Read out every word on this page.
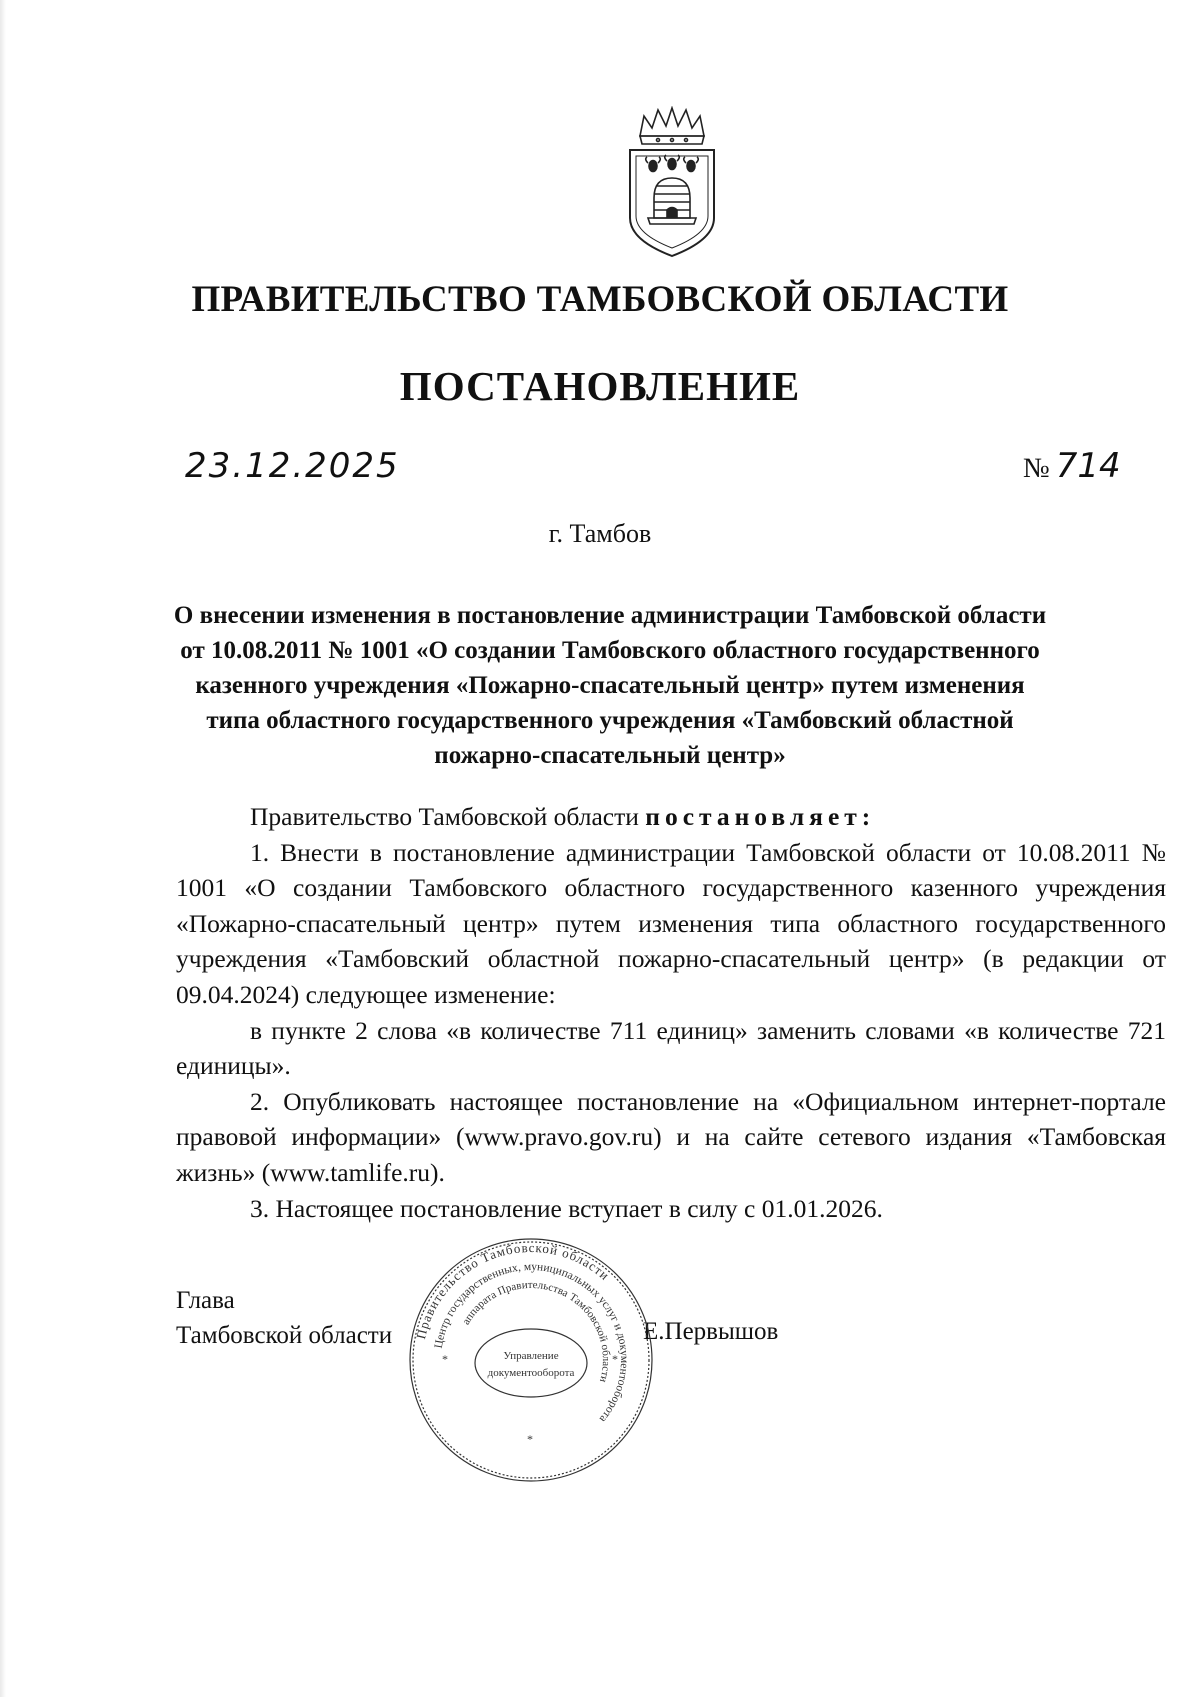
ПРАВИТЕЛЬСТВО ТАМБОВСКОЙ ОБЛАСТИ
ПОСТАНОВЛЕНИЕ
23.12.2025	№ 714
г. Тамбов
О внесении изменения в постановление администрации Тамбовской области от 10.08.2011 № 1001 «О создании Тамбовского областного государственного казенного учреждения «Пожарно-спасательный центр» путем изменения типа областного государственного учреждения «Тамбовский областной пожарно-спасательный центр»

Правительство Тамбовской области постановляет:

1. Внести в постановление администрации Тамбовской области от 10.08.2011 № 1001 «О создании Тамбовского областного государственного казенного учреждения «Пожарно-спасательный центр» путем изменения типа областного государственного учреждения «Тамбовский областной пожарно-спасательный центр» (в редакции от 09.04.2024) следующее изменение:

в пункте 2 слова «в количестве 711 единиц» заменить словами «в количестве 721 единицы».

2. Опубликовать настоящее постановление на «Официальном интернет-портале правовой информации» (www.pravo.gov.ru) и на сайте сетевого издания «Тамбовская жизнь» (www.tamlife.ru).

3. Настоящее постановление вступает в силу с 01.01.2026.

Глава
Тамбовской области	Е.Первышов
Правительство Тамбовской области
Центр государственных, муниципальных услуг и документооборота
аппарата Правительства Тамбовской области
Управление
документооборота
*	*
*
